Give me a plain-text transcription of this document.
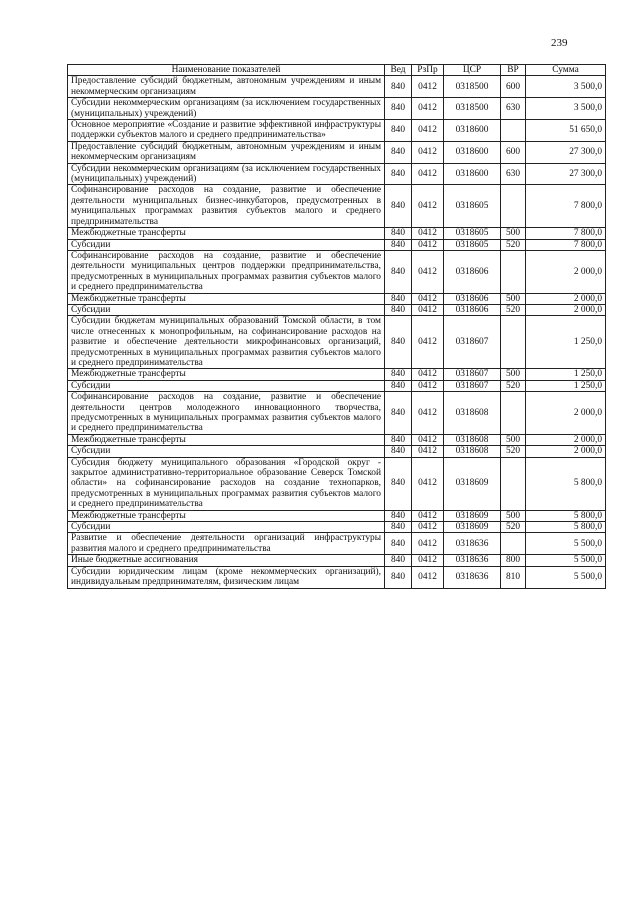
239
Наименование показателей	Вед	РзПр	ЦСР	ВР	Сумма
Предоставление субсидий бюджетным, автономным учреждениям и иным некоммерческим организациям	840	0412	0318500	600	3 500,0
Субсидии некоммерческим организациям (за исключением государственных (муниципальных) учреждений)	840	0412	0318500	630	3 500,0
Основное мероприятие «Создание и развитие эффективной инфраструктуры поддержки субъектов малого и среднего предпринимательства»	840	0412	0318600		51 650,0
Предоставление субсидий бюджетным, автономным учреждениям и иным некоммерческим организациям	840	0412	0318600	600	27 300,0
Субсидии некоммерческим организациям (за исключением государственных (муниципальных) учреждений)	840	0412	0318600	630	27 300,0
Софинансирование расходов на создание, развитие и обеспечение деятельности муниципальных бизнес-инкубаторов, предусмотренных в муниципальных программах развития субъектов малого и среднего предпринимательства	840	0412	0318605		7 800,0
Межбюджетные трансферты	840	0412	0318605	500	7 800,0
Субсидии	840	0412	0318605	520	7 800,0
Софинансирование расходов на создание, развитие и обеспечение деятельности муниципальных центров поддержки предпринимательства, предусмотренных в муниципальных программах развития субъектов малого и среднего предпринимательства	840	0412	0318606		2 000,0
Межбюджетные трансферты	840	0412	0318606	500	2 000,0
Субсидии	840	0412	0318606	520	2 000,0
Субсидии бюджетам муниципальных образований Томской области, в том числе отнесенных к монопрофильным, на софинансирование расходов на развитие и обеспечение деятельности микрофинансовых организаций, предусмотренных в муниципальных программах развития субъектов малого и среднего предпринимательства	840	0412	0318607		1 250,0
Межбюджетные трансферты	840	0412	0318607	500	1 250,0
Субсидии	840	0412	0318607	520	1 250,0
Софинансирование расходов на создание, развитие и обеспечение деятельности центров молодежного инновационного творчества, предусмотренных в муниципальных программах развития субъектов малого и среднего предпринимательства	840	0412	0318608		2 000,0
Межбюджетные трансферты	840	0412	0318608	500	2 000,0
Субсидии	840	0412	0318608	520	2 000,0
Субсидия бюджету муниципального образования «Городской округ - закрытое административно-территориальное образование Северск Томской области» на софинансирование расходов на создание технопарков, предусмотренных в муниципальных программах развития субъектов малого и среднего предпринимательства	840	0412	0318609		5 800,0
Межбюджетные трансферты	840	0412	0318609	500	5 800,0
Субсидии	840	0412	0318609	520	5 800,0
Развитие и обеспечение деятельности организаций инфраструктуры развития малого и среднего предпринимательства	840	0412	0318636		5 500,0
Иные бюджетные ассигнования	840	0412	0318636	800	5 500,0
Субсидии юридическим лицам (кроме некоммерческих организаций), индивидуальным предпринимателям, физическим лицам	840	0412	0318636	810	5 500,0
